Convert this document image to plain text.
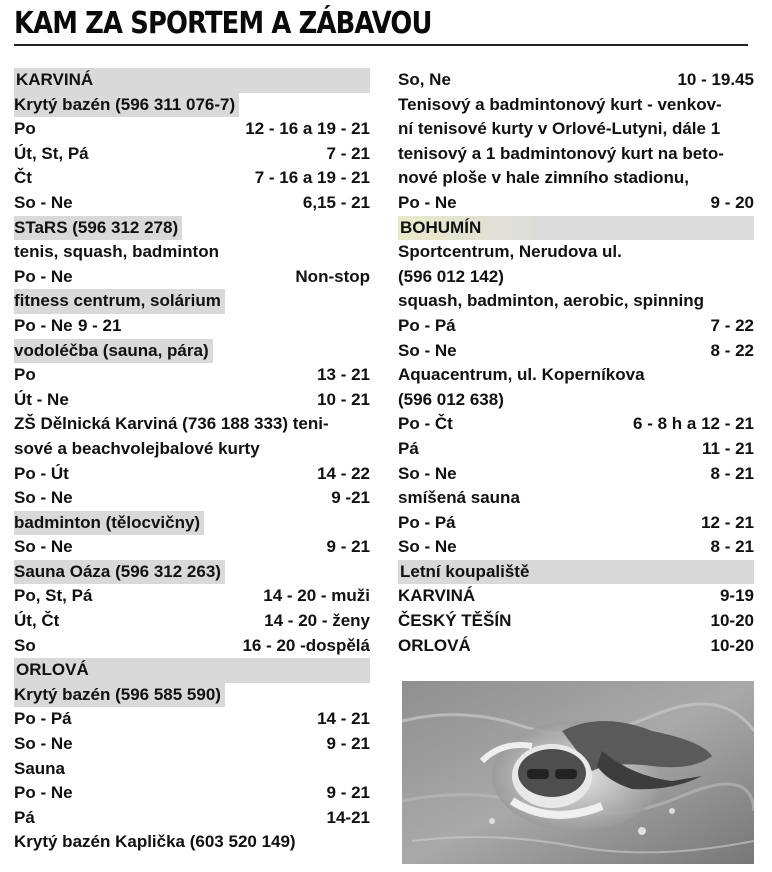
KAM ZA SPORTEM A ZÁBAVOU
KARVINÁ
Krytý bazén (596 311 076-7)
Po	12 - 16 a 19 - 21
Út, St, Pá	7 - 21
Čt	7 - 16 a 19 - 21
So - Ne	6,15 - 21
STaRS (596 312 278)
tenis, squash, badminton
Po - Ne	Non-stop
fitness centrum, solárium
Po - Ne 9 - 21
vodoléčba (sauna, pára)
Po	13 - 21
Út - Ne	10 - 21
ZŠ Dělnická Karviná (736 188 333) teni-
sové a beachvolejbalové kurty
Po - Út	14 - 22
So - Ne	9 -21
badminton (tělocvičny)
So - Ne	9 - 21
Sauna Oáza (596 312 263)
Po, St, Pá	14 - 20 - muži
Út, Čt	14 - 20 - ženy
So	16 - 20 -dospělá
ORLOVÁ
Krytý bazén (596 585 590)
Po - Pá	14 - 21
So - Ne	9 - 21
Sauna
Po - Ne	9 - 21
Pá	14-21
Krytý bazén Kaplička (603 520 149)
So, Ne	10 - 19.45
Tenisový a badmintonový kurt - venkov-
ní tenisové kurty v Orlové-Lutyni, dále 1
tenisový a 1 badmintonový kurt na beto-
nové ploše v hale zimního stadionu,
Po - Ne	9 - 20
BOHUMÍN
Sportcentrum, Nerudova ul.
(596 012 142)
squash, badminton, aerobic, spinning
Po - Pá	7 - 22
So - Ne	8 - 22
Aquacentrum, ul. Koperníkova
(596 012 638)
Po - Čt	6 - 8 h a 12 - 21
Pá	11 - 21
So - Ne	8 - 21
smíšená sauna
Po - Pá	12 - 21
So - Ne	8 - 21
Letní koupaliště
KARVINÁ	9-19
ČESKÝ TĚŠÍN	10-20
ORLOVÁ	10-20
